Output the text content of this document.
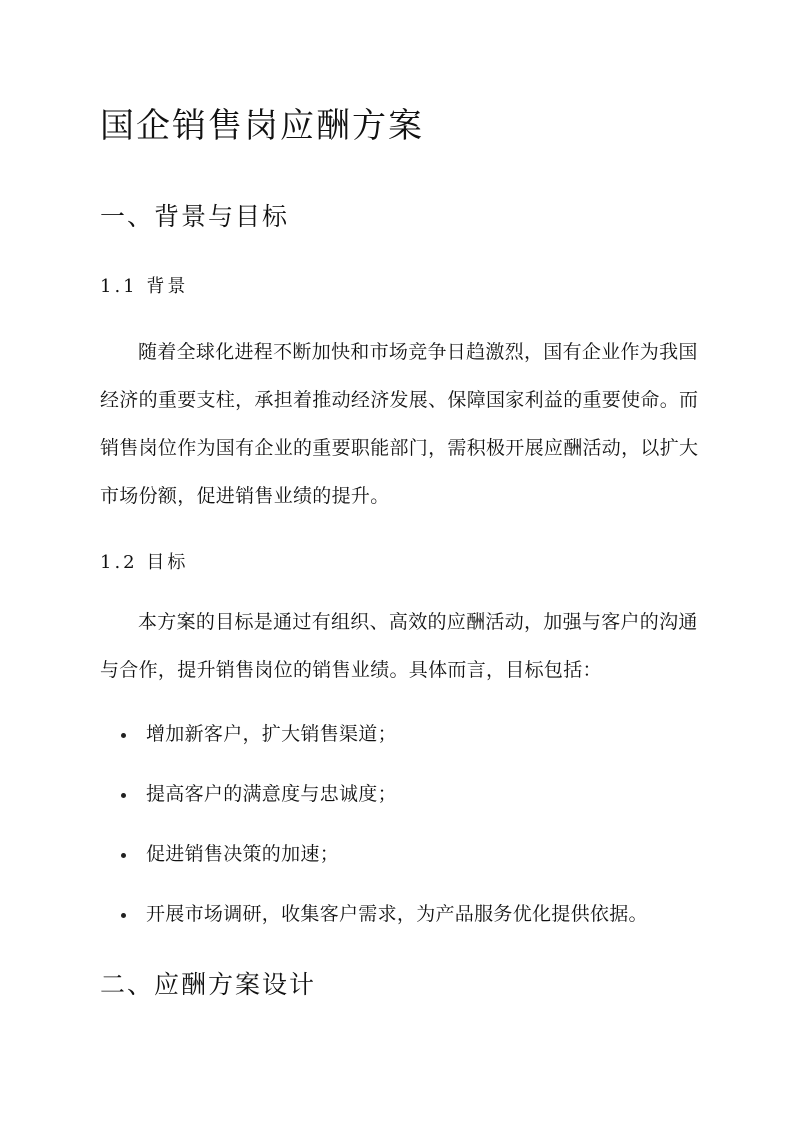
国企销售岗应酬方案
一、背景与目标
1.1 背景

随着全球化进程不断加快和市场竞争日趋激烈，国有企业作为我国经济的重要支柱，承担着推动经济发展、保障国家利益的重要使命。而销售岗位作为国有企业的重要职能部门，需积极开展应酬活动，以扩大市场份额，促进销售业绩的提升。

1.2 目标

本方案的目标是通过有组织、高效的应酬活动，加强与客户的沟通与合作，提升销售岗位的销售业绩。具体而言，目标包括：

增加新客户，扩大销售渠道；
提高客户的满意度与忠诚度；
促进销售决策的加速；
开展市场调研，收集客户需求，为产品服务优化提供依据。
二、应酬方案设计
